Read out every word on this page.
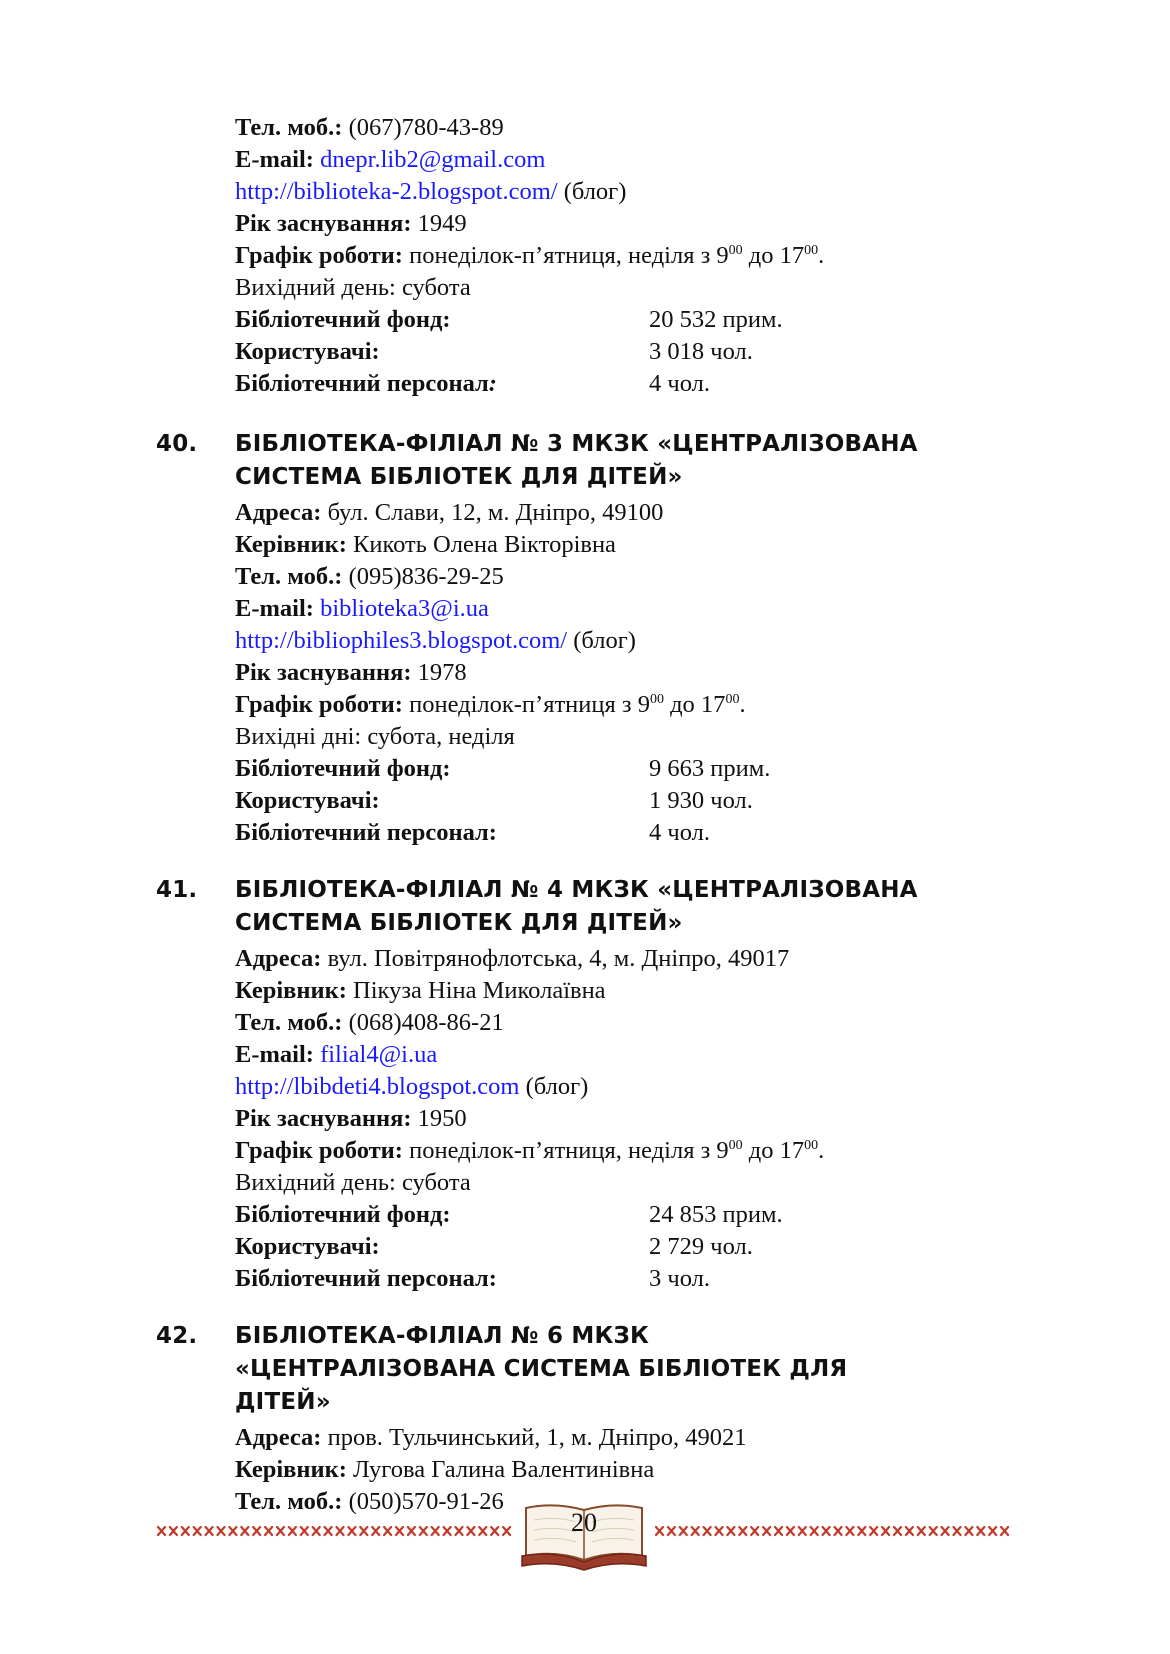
Тел. моб.: (067)780-43-89
E-mail: dnepr.lib2@gmail.com
http://biblioteka-2.blogspot.com/ (блог)
Рік заснування: 1949
Графік роботи: понеділок-п’ятниця, неділя з $9^{00}$ до $17^{00}$.
Вихідний день: субота
Бібліотечний фонд:	20 532 прим.
Користувачі:	3 018 чол.
Бібліотечний персонал:	4 чол.
40. БІБЛІОТЕКА-ФІЛІАЛ № 3 МКЗК «ЦЕНТРАЛІЗОВАНА
СИСТЕМА БІБЛІОТЕК ДЛЯ ДІТЕЙ»
Адреса: бул. Слави, 12, м. Дніпро, 49100
Керівник: Кикоть Олена Вікторівна
Тел. моб.: (095)836-29-25
E-mail: biblioteka3@i.ua
http://bibliophiles3.blogspot.com/ (блог)
Рік заснування: 1978
Графік роботи: понеділок-п’ятниця з $9^{00}$ до $17^{00}$.
Вихідні дні: субота, неділя
Бібліотечний фонд:	9 663 прим.
Користувачі:	1 930 чол.
Бібліотечний персонал:	4 чол.
41. БІБЛІОТЕКА-ФІЛІАЛ № 4 МКЗК «ЦЕНТРАЛІЗОВАНА
СИСТЕМА БІБЛІОТЕК ДЛЯ ДІТЕЙ»
Адреса: вул. Повітрянофлотська, 4, м. Дніпро, 49017
Керівник: Пікуза Ніна Миколаївна
Тел. моб.: (068)408-86-21
E-mail: filial4@i.ua
http://lbibdeti4.blogspot.com (блог)
Рік заснування: 1950
Графік роботи: понеділок-п’ятниця, неділя з $9^{00}$ до $17^{00}$.
Вихідний день: субота
Бібліотечний фонд:	24 853 прим.
Користувачі:	2 729 чол.
Бібліотечний персонал:	3 чол.
42. БІБЛІОТЕКА-ФІЛІАЛ № 6 МКЗК
«ЦЕНТРАЛІЗОВАНА СИСТЕМА БІБЛІОТЕК ДЛЯ
ДІТЕЙ»
Адреса: пров. Тульчинський, 1, м. Дніпро, 49021
Керівник: Лугова Галина Валентинівна
Тел. моб.: (050)570-91-26
20
